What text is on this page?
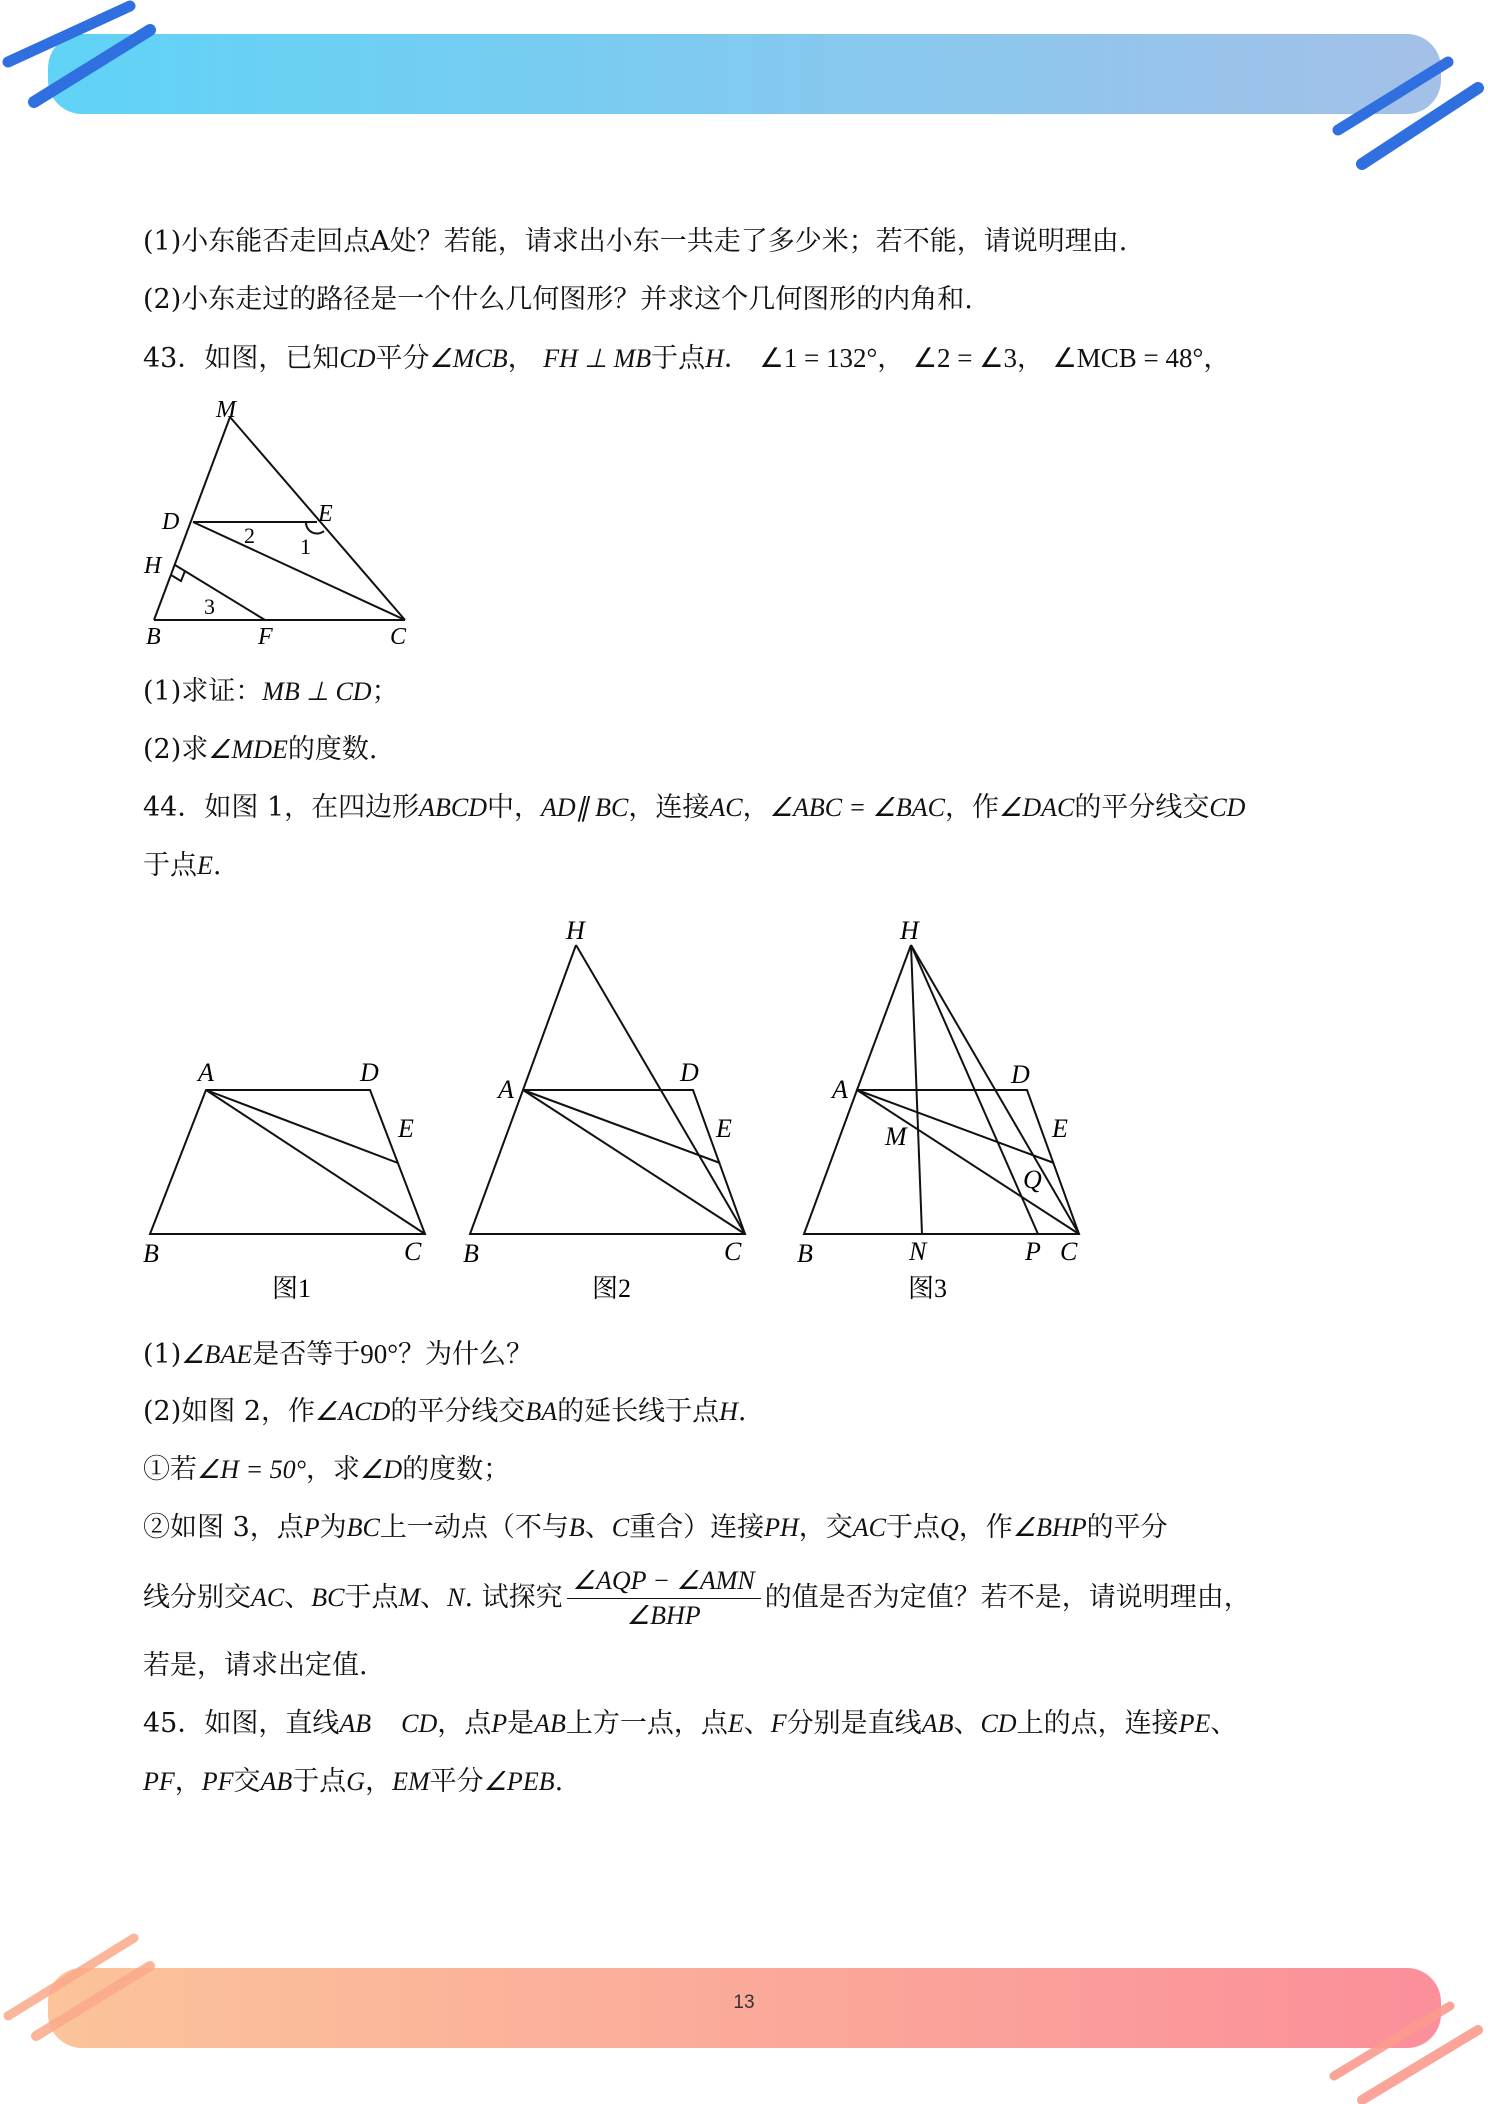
13
(1)小东能否走回点A处？若能，请求出小东一共走了多少米；若不能，请说明理由.
(2)小东走过的路径是一个什么几何图形？并求这个几何图形的内角和.
43．如图，已知CD平分∠MCB， FH ⊥ MB于点H． ∠1 = 132°， ∠2 = ∠3， ∠MCB = 48°，
M
D	E
H
B	F	C
1
2
3
(1)求证：MB ⊥ CD；
(2)求∠MDE的度数.
44．如图 1，在四边形ABCD中，AD∥ BC，连接AC，∠ABC = ∠BAC，作∠DAC的平分线交CD
于点E.
A	D
E
B	C
图1
H
A
D
E
B	C
图2
H
A
D
M	E
Q
B	N	P C
图3
(1)∠BAE是否等于90°？为什么？
(2)如图 2，作∠ACD的平分线交BA的延长线于点H.
①若∠H = 50°，求∠D的度数；
②如图 3，点P为BC上一动点（不与B、C重合）连接PH，交AC于点Q，作∠BHP的平分
线分别交AC、BC于点M、N. 试探究 $\frac{\text{∠AQP − ∠AMN}}{\text{∠BHP}}$ 的值是否为定值？若不是，请说明理由，
若是，请求出定值.
45．如图，直线AB CD，点P是AB上方一点，点E、F分别是直线AB、CD上的点，连接PE、
PF，PF交AB于点G，EM平分∠PEB.
